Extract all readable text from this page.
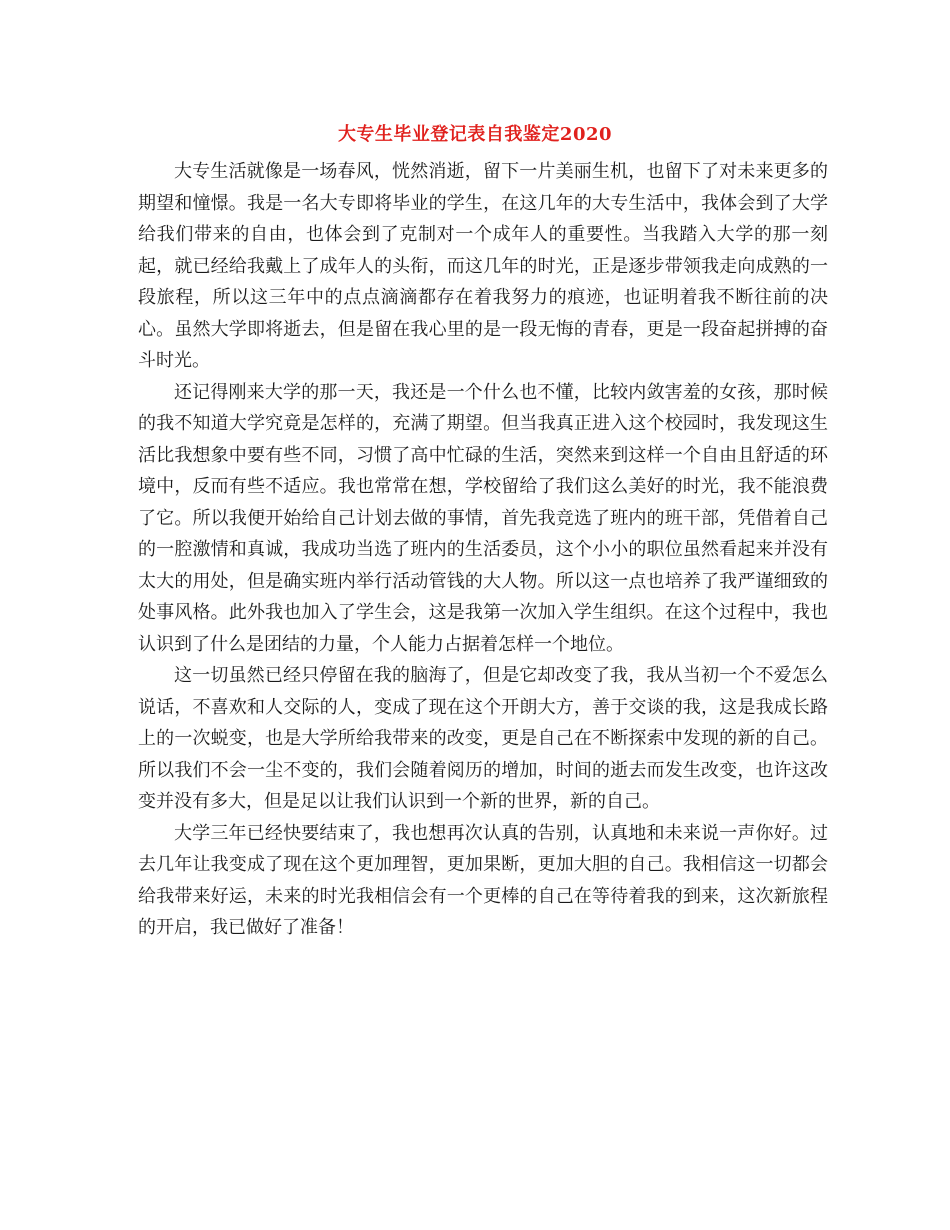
大专生毕业登记表自我鉴定2020

大专生活就像是一场春风，恍然消逝，留下一片美丽生机，也留下了对未来更多的期望和憧憬。我是一名大专即将毕业的学生，在这几年的大专生活中，我体会到了大学给我们带来的自由，也体会到了克制对一个成年人的重要性。当我踏入大学的那一刻起，就已经给我戴上了成年人的头衔，而这几年的时光，正是逐步带领我走向成熟的一段旅程，所以这三年中的点点滴滴都存在着我努力的痕迹，也证明着我不断往前的决心。虽然大学即将逝去，但是留在我心里的是一段无悔的青春，更是一段奋起拼搏的奋斗时光。

还记得刚来大学的那一天，我还是一个什么也不懂，比较内敛害羞的女孩，那时候的我不知道大学究竟是怎样的，充满了期望。但当我真正进入这个校园时，我发现这生活比我想象中要有些不同，习惯了高中忙碌的生活，突然来到这样一个自由且舒适的环境中，反而有些不适应。我也常常在想，学校留给了我们这么美好的时光，我不能浪费了它。所以我便开始给自己计划去做的事情，首先我竞选了班内的班干部，凭借着自己的一腔激情和真诚，我成功当选了班内的生活委员，这个小小的职位虽然看起来并没有太大的用处，但是确实班内举行活动管钱的大人物。所以这一点也培养了我严谨细致的处事风格。此外我也加入了学生会，这是我第一次加入学生组织。在这个过程中，我也认识到了什么是团结的力量，个人能力占据着怎样一个地位。

这一切虽然已经只停留在我的脑海了，但是它却改变了我，我从当初一个不爱怎么说话，不喜欢和人交际的人，变成了现在这个开朗大方，善于交谈的我，这是我成长路上的一次蜕变，也是大学所给我带来的改变，更是自己在不断探索中发现的新的自己。所以我们不会一尘不变的，我们会随着阅历的增加，时间的逝去而发生改变，也许这改变并没有多大，但是足以让我们认识到一个新的世界，新的自己。

大学三年已经快要结束了，我也想再次认真的告别，认真地和未来说一声你好。过去几年让我变成了现在这个更加理智，更加果断，更加大胆的自己。我相信这一切都会给我带来好运，未来的时光我相信会有一个更棒的自己在等待着我的到来，这次新旅程的开启，我已做好了准备！
